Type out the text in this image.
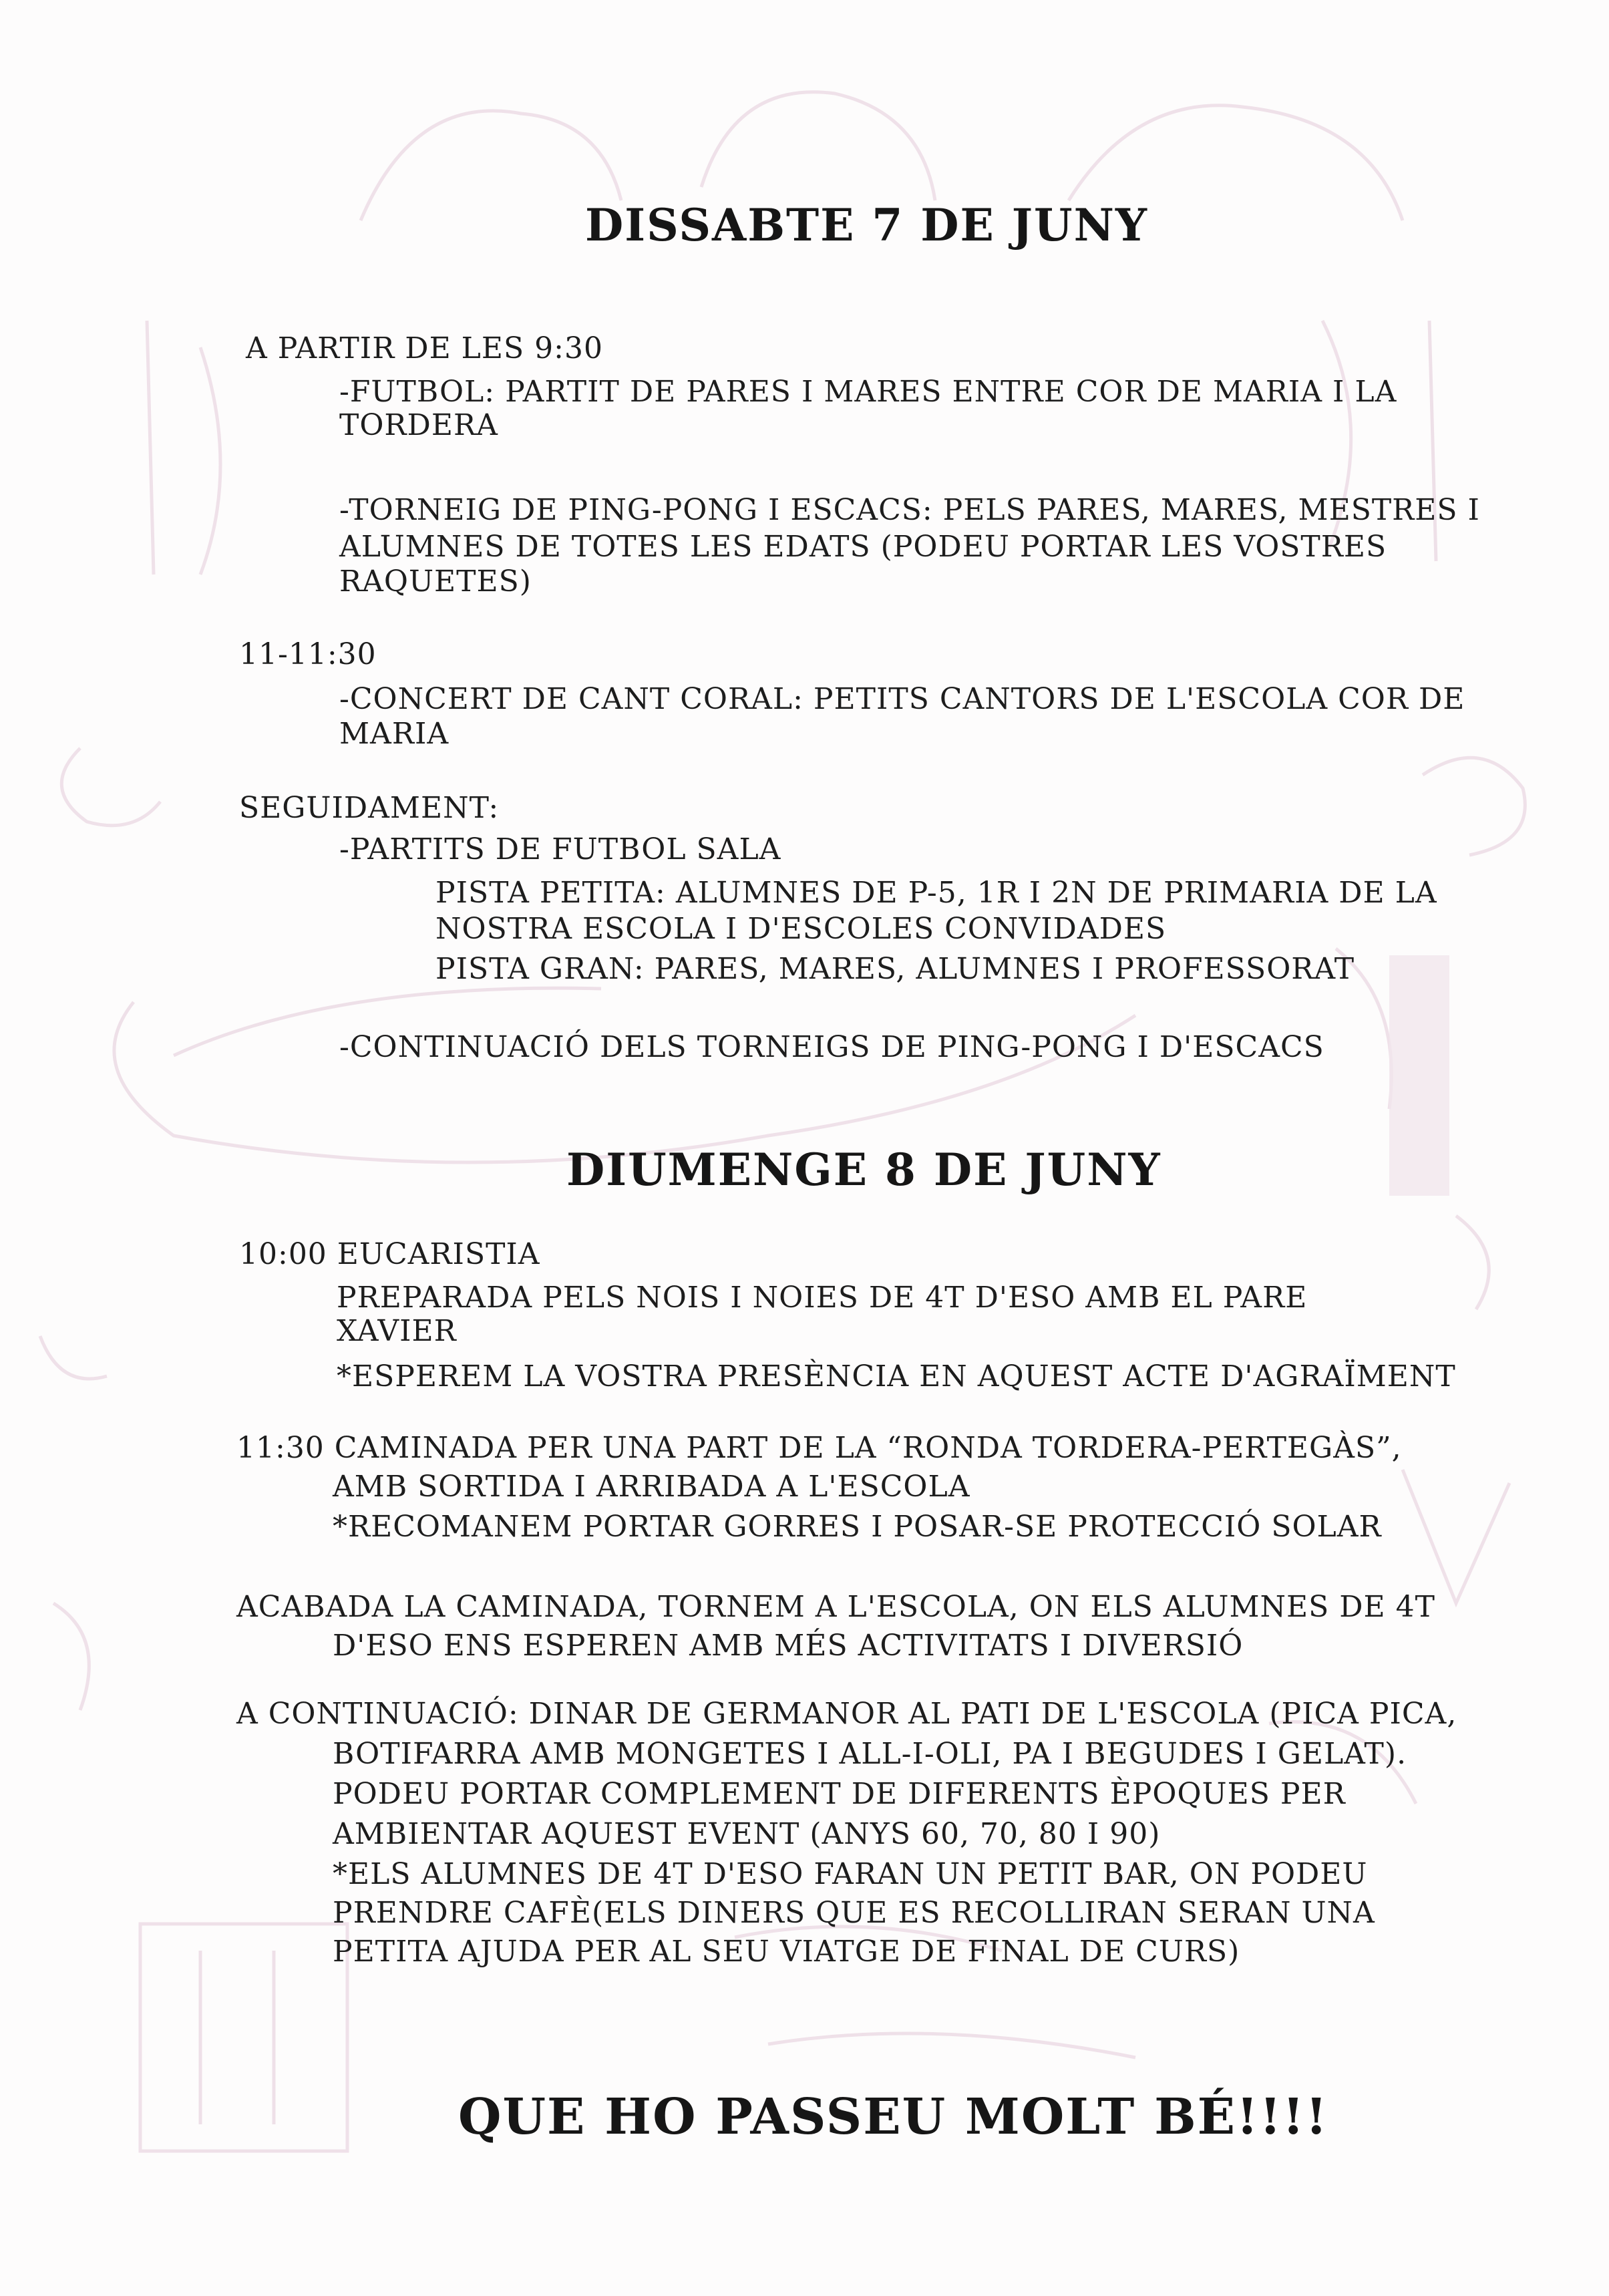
DISSABTE 7 DE JUNY
A PARTIR DE LES 9:30
-FUTBOL: PARTIT DE PARES I MARES ENTRE COR DE MARIA I LA
TORDERA
-TORNEIG DE PING-PONG I ESCACS: PELS PARES, MARES, MESTRES I
ALUMNES DE TOTES LES EDATS (PODEU PORTAR LES VOSTRES
RAQUETES)
11-11:30
-CONCERT DE CANT CORAL: PETITS CANTORS DE L'ESCOLA COR DE
MARIA
SEGUIDAMENT:
-PARTITS DE FUTBOL SALA
PISTA PETITA: ALUMNES DE P-5, 1R I 2N DE PRIMARIA DE LA
NOSTRA ESCOLA I D'ESCOLES CONVIDADES
PISTA GRAN: PARES, MARES, ALUMNES I PROFESSORAT
-CONTINUACIÓ DELS TORNEIGS DE PING-PONG I D'ESCACS
DIUMENGE 8 DE JUNY
10:00 EUCARISTIA
PREPARADA PELS NOIS I NOIES DE 4T D'ESO AMB EL PARE
XAVIER
*ESPEREM LA VOSTRA PRESÈNCIA EN AQUEST ACTE D'AGRAÏMENT
11:30 CAMINADA PER UNA PART DE LA “RONDA TORDERA-PERTEGÀS”,
AMB SORTIDA I ARRIBADA A L'ESCOLA
*RECOMANEM PORTAR GORRES I POSAR-SE PROTECCIÓ SOLAR
ACABADA LA CAMINADA, TORNEM A L'ESCOLA, ON ELS ALUMNES DE 4T
D'ESO ENS ESPEREN AMB MÉS ACTIVITATS I DIVERSIÓ
A CONTINUACIÓ: DINAR DE GERMANOR AL PATI DE L'ESCOLA (PICA PICA,
BOTIFARRA AMB MONGETES I ALL-I-OLI, PA I BEGUDES I GELAT).
PODEU PORTAR COMPLEMENT DE DIFERENTS ÈPOQUES PER
AMBIENTAR AQUEST EVENT (ANYS 60, 70, 80 I 90)
*ELS ALUMNES DE 4T D'ESO FARAN UN PETIT BAR, ON PODEU
PRENDRE CAFÈ(ELS DINERS QUE ES RECOLLIRAN SERAN UNA
PETITA AJUDA PER AL SEU VIATGE DE FINAL DE CURS)
QUE HO PASSEU MOLT BÉ!!!!
